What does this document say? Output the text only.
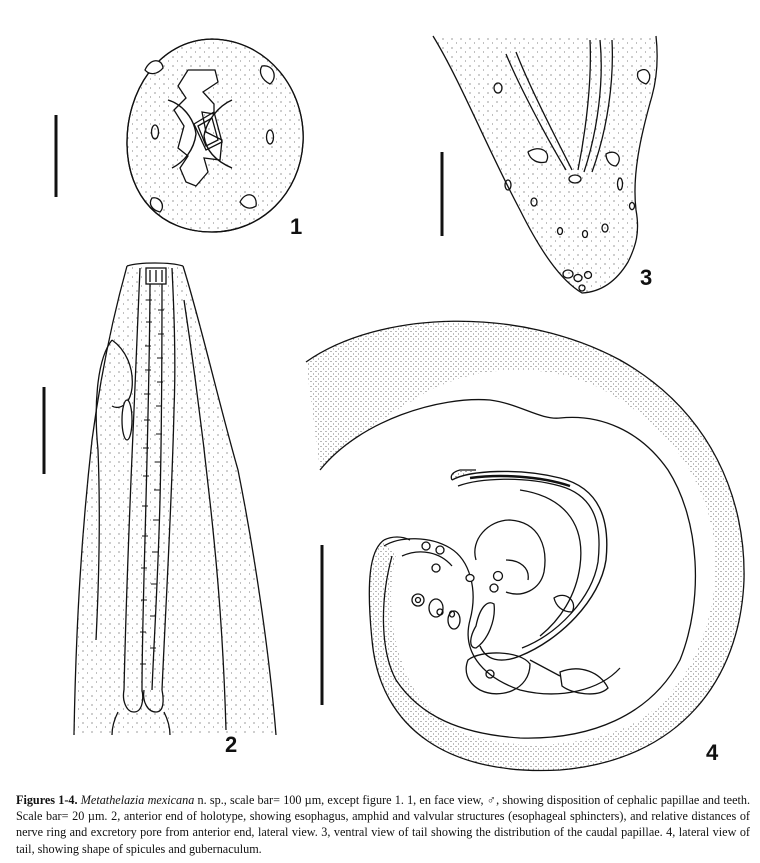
1
3
2	4
Figures 1-4. Metathelazia mexicana n. sp., scale bar= 100 µm, except figure 1. 1, en face view, ♂, showing disposition of cephalic papillae and teeth. Scale bar= 20 µm. 2, anterior end of holotype, showing esophagus, amphid and valvular structures (esophageal sphincters), and relative distances of nerve ring and excretory pore from anterior end, lateral view. 3, ventral view of tail showing the distribution of the caudal papillae. 4, lateral view of tail, showing shape of spicules and gubernaculum.
